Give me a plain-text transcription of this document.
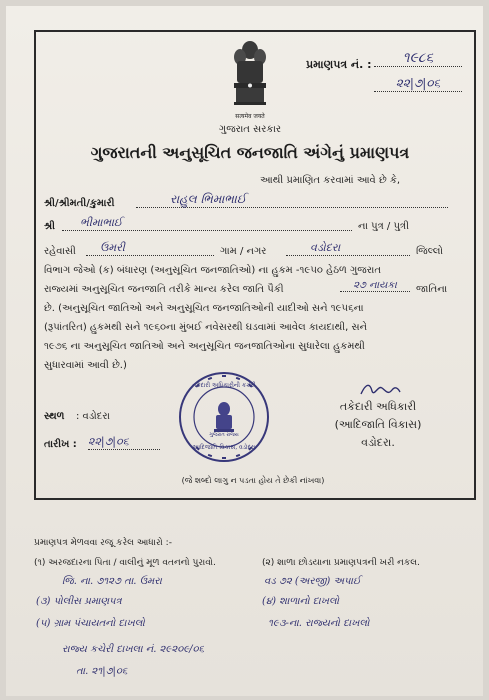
પ્રમાણપત્ર નં. :	૧૯૮૬
૨૨|૭|૦૬
सत्यमेव जयते
ગુજરાત સરકાર
ગુજરાતની અનુસૂચિત જનજાતિ અંગેનું પ્રમાણપત્ર
આથી પ્રમાણિત કરવામાં આવે છે કે,
શ્રી/શ્રીમતી/કુમારી	રાહુલ ભિમાભાઈ
શ્રી	ભીમાભાઈ	ના પુત્ર / પુત્રી
રહેવાસી	ઉમરી	ગામ / નગર	વડોદરા	જિલ્લો
વિભાગ જેઓ (ક) બંધારણ (અનુસૂચિત જનજાતિઓ) ના હુકમ -૧૯૫૦ હેઠળ ગુજરાત
રાજ્યમાં અનુસૂચિત જનજાતિ તરીકે માન્ય કરેલ જાતિ પૈકી	૨૭ નાયકા	જાતિના
છે. (અનુસૂચિત જાતિઓ અને અનુસૂચિત જનજાતિઓની યાદીઓ સને ૧૯૫૬ના
(રૂપાંતરિત) હુકમથી સને ૧૯૬૦ના મુંબઈ નવેસરથી ઘડવામાં આવેલ કાયદાથી, સને
૧૯૭૬ ના અનુસૂચિત જાતિઓ અને અનુસૂચિત જનજાતિઓના સુધારેલા હુકમથી
સુધારવામાં આવી છે.)
તકેદારી અધિકારીની કચેરી
ગુજરાત રાજ્ય
આદિજાતિ વિકાસ, વડોદરા
સ્થળ : વડોદરા
તારીખ : ૨૨|૭|૦૬
તકેદારી અધિકારી
(આદિજાતિ વિકાસ)
વડોદરા.
(જે શબ્દો લાગુ ન પડતા હોય તે છેકી નાંખવા)
પ્રમાણપત્ર મેળવવા રજૂ કરેલ આધારો :-
(૧) અરજદારના પિતા / વાલીનું મૂળ વતનનો પુરાવો.	(૨) શાળા છોડયાના પ્રમાણપત્રની ખરી નકલ.
જિ. ના. ૭૧૨૭ તા. ઉમરા	વડ ૭૨ (અરજી) અપાઈ
(૩) પોલીસ પ્રમાણપત્ર	(૪) શાળાનો દાખલો
(૫) ગ્રામ પંચાયતનો દાખલો	૧૯૩-ના. રાજ્યનો દાખલો
રાજ્ય કચેરી દાખલા નં. ૨૯૨૦૯/૦૬
તા. ૨૧|૭|૦૬
